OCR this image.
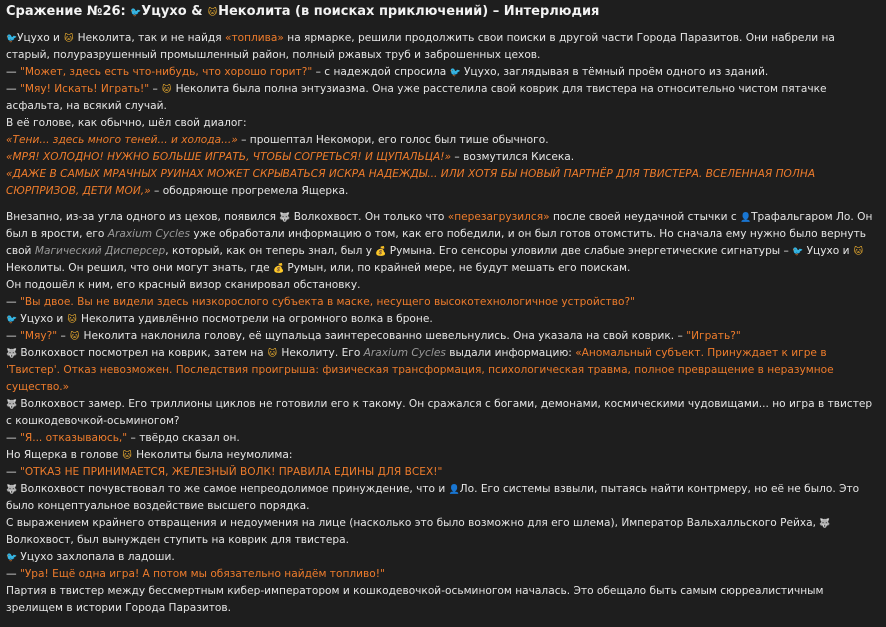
Сражение №26: 🐦Уцухо & 🐱Неколита (в поисках приключений) – Интерлюдия

🐦Уцухо и 🐱 Неколита, так и не найдя «топлива» на ярмарке, решили продолжить свои поиски в другой части Города Паразитов. Они набрели на старый, полуразрушенный промышленный район, полный ржавых труб и заброшенных цехов.

— "Может, здесь есть что-нибудь, что хорошо горит?" – с надеждой спросила 🐦 Уцухо, заглядывая в тёмный проём одного из зданий.

— "Мяу! Искать! Играть!" – 🐱 Неколита была полна энтузиазма. Она уже расстелила свой коврик для твистера на относительно чистом пятачке асфальта, на всякий случай.

В её голове, как обычно, шёл свой диалог:

«Тени... здесь много теней... и холода...» – прошептал Некомори, его голос был тише обычного.

«МРЯ! ХОЛОДНО! НУЖНО БОЛЬШЕ ИГРАТЬ, ЧТОБЫ СОГРЕТЬСЯ! И ЩУПАЛЬЦА!» – возмутился Кисека.

«ДАЖЕ В САМЫХ МРАЧНЫХ РУИНАХ МОЖЕТ СКРЫВАТЬСЯ ИСКРА НАДЕЖДЫ... ИЛИ ХОТЯ БЫ НОВЫЙ ПАРТНЁР ДЛЯ ТВИСТЕРА. ВСЕЛЕННАЯ ПОЛНА СЮРПРИЗОВ, ДЕТИ МОИ,» – ободряюще прогремела Ящерка.

Внезапно, из-за угла одного из цехов, появился 🐺 Волкохвост. Он только что «перезагрузился» после своей неудачной стычки с 👤Трафальгаром Ло. Он был в ярости, его Araxium Cycles уже обработали информацию о том, как его победили, и он был готов отомстить. Но сначала ему нужно было вернуть свой Магический Дисперсер, который, как он теперь знал, был у 💰 Румына. Его сенсоры уловили две слабые энергетические сигнатуры – 🐦 Уцухо и 🐱 Неколиты. Он решил, что они могут знать, где 💰 Румын, или, по крайней мере, не будут мешать его поискам.

Он подошёл к ним, его красный визор сканировал обстановку.

— "Вы двое. Вы не видели здесь низкорослого субъекта в маске, несущего высокотехнологичное устройство?"

🐦 Уцухо и 🐱 Неколита удивлённо посмотрели на огромного волка в броне.

— "Мяу?" – 🐱 Неколита наклонила голову, её щупальца заинтересованно шевельнулись. Она указала на свой коврик. – "Играть?"

🐺 Волкохвост посмотрел на коврик, затем на 🐱 Неколиту. Его Araxium Cycles выдали информацию: «Аномальный субъект. Принуждает к игре в 'Твистер'. Отказ невозможен. Последствия проигрыша: физическая трансформация, психологическая травма, полное превращение в неразумное существо.»

🐺 Волкохвост замер. Его триллионы циклов не готовили его к такому. Он сражался с богами, демонами, космическими чудовищами... но игра в твистер с кошкодевочкой-осьминогом?

— "Я... отказываюсь," – твёрдо сказал он.

Но Ящерка в голове 🐱 Неколиты была неумолима:

— "ОТКАЗ НЕ ПРИНИМАЕТСЯ, ЖЕЛЕЗНЫЙ ВОЛК! ПРАВИЛА ЕДИНЫ ДЛЯ ВСЕХ!"

🐺 Волкохвост почувствовал то же самое непреодолимое принуждение, что и 👤Ло. Его системы взвыли, пытаясь найти контрмеру, но её не было. Это было концептуальное воздействие высшего порядка.

С выражением крайнего отвращения и недоумения на лице (насколько это было возможно для его шлема), Император Вальхалльского Рейха, 🐺 Волкохвост, был вынужден ступить на коврик для твистера.

🐦 Уцухо захлопала в ладоши.

— "Ура! Ещё одна игра! А потом мы обязательно найдём топливо!"

Партия в твистер между бессмертным кибер-императором и кошкодевочкой-осьминогом началась. Это обещало быть самым сюрреалистичным зрелищем в истории Города Паразитов.
